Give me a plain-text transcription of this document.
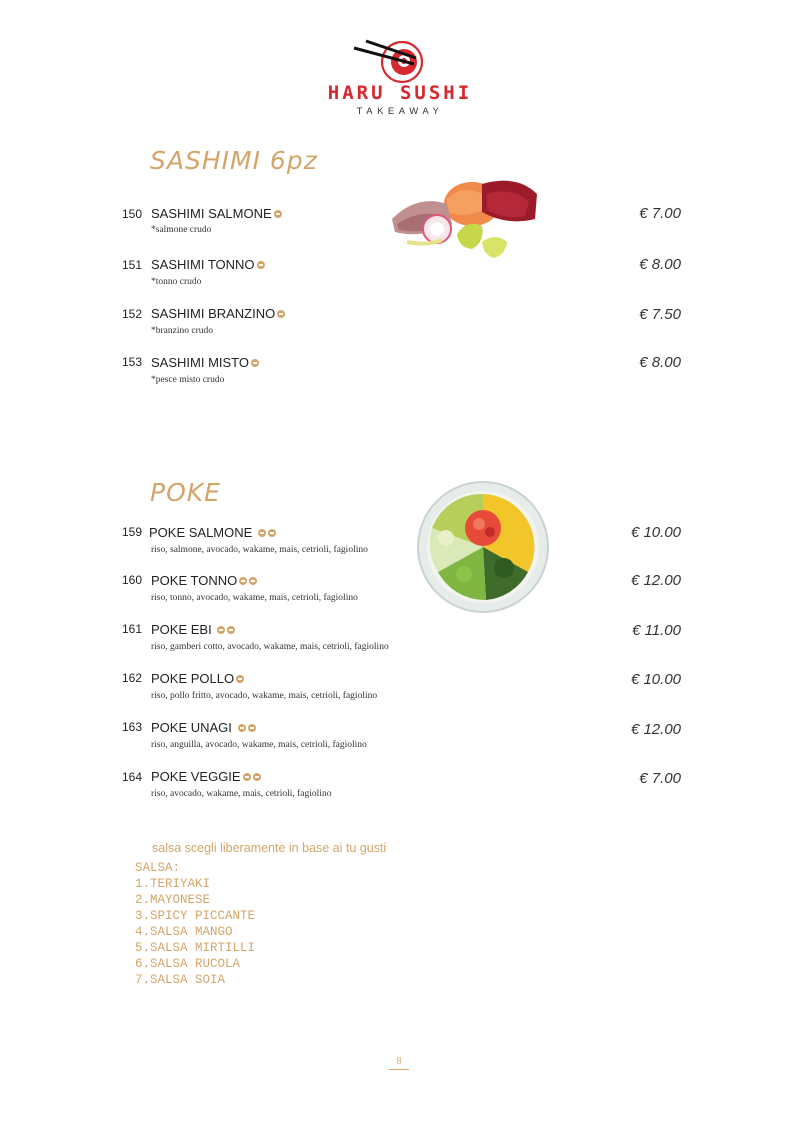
HARU SUSHI
TAKEAWAY
SASHIMI 6pz
150 SASHIMI SALMONE
*salmone crudo
€ 7.00
151 SASHIMI TONNO
*tonno crudo
€ 8.00
152 SASHIMI BRANZINO
*branzino crudo
€ 7.50
153 SASHIMI MISTO
*pesce misto crudo
€ 8.00
POKE
159 POKE SALMONE
riso, salmone, avocado, wakame, mais, cetrioli, fagiolino
€ 10.00
160 POKE TONNO
riso, tonno, avocado, wakame, mais, cetrioli, fagiolino
€ 12.00
161 POKE EBI
riso, gamberi cotto, avocado, wakame, mais, cetrioli, fagiolino
€ 11.00
162 POKE POLLO
riso, pollo fritto, avocado, wakame, mais, cetrioli, fagiolino
€ 10.00
163 POKE UNAGI
riso, anguilla, avocado, wakame, mais, cetrioli, fagiolino
€ 12.00
164 POKE VEGGIE
riso, avocado, wakame, mais, cetrioli, fagiolino
€ 7.00
salsa scegli liberamente in base ai tu gusti
SALSA:
1.TERIYAKI
2.MAYONESE
3.SPICY PICCANTE
4.SALSA MANGO
5.SALSA MIRTILLI
6.SALSA RUCOLA
7.SALSA SOIA
8
